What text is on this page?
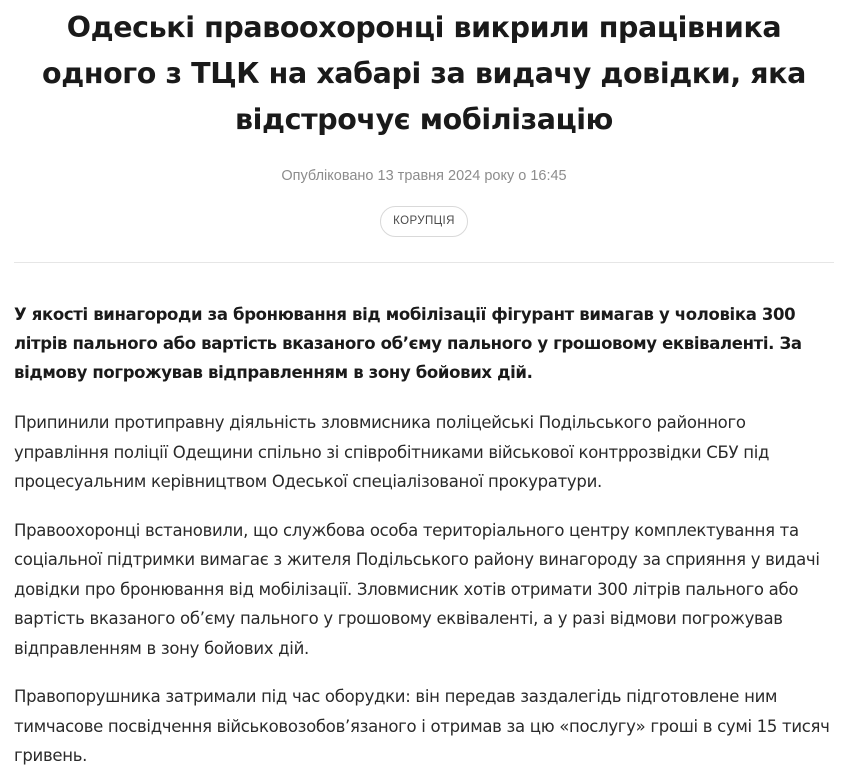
Одеські правоохоронці викрили працівника одного з ТЦК на хабарі за видачу довідки, яка відстрочує мобілізацію
Опубліковано 13 травня 2024 року о 16:45
КОРУПЦІЯ

У якості винагороди за бронювання від мобілізації фігурант вимагав у чоловіка 300 літрів пального або вартість вказаного об’єму пального у грошовому еквіваленті. За відмову погрожував відправленням в зону бойових дій.

Припинили протиправну діяльність зловмисника поліцейські Подільського районного управління поліції Одещини спільно зі співробітниками військової контррозвідки СБУ під процесуальним керівництвом Одеської спеціалізованої прокуратури.

Правоохоронці встановили, що службова особа територіального центру комплектування та соціальної підтримки вимагає з жителя Подільського району винагороду за сприяння у видачі довідки про бронювання від мобілізації. Зловмисник хотів отримати 300 літрів пального або вартість вказаного об’єму пального у грошовому еквіваленті, а у разі відмови погрожував відправленням в зону бойових дій.

Правопорушника затримали під час оборудки: він передав заздалегідь підготовлене ним тимчасове посвідчення військовозобов’язаного і отримав за цю «послугу» гроші в сумі 15 тисяч гривень.
